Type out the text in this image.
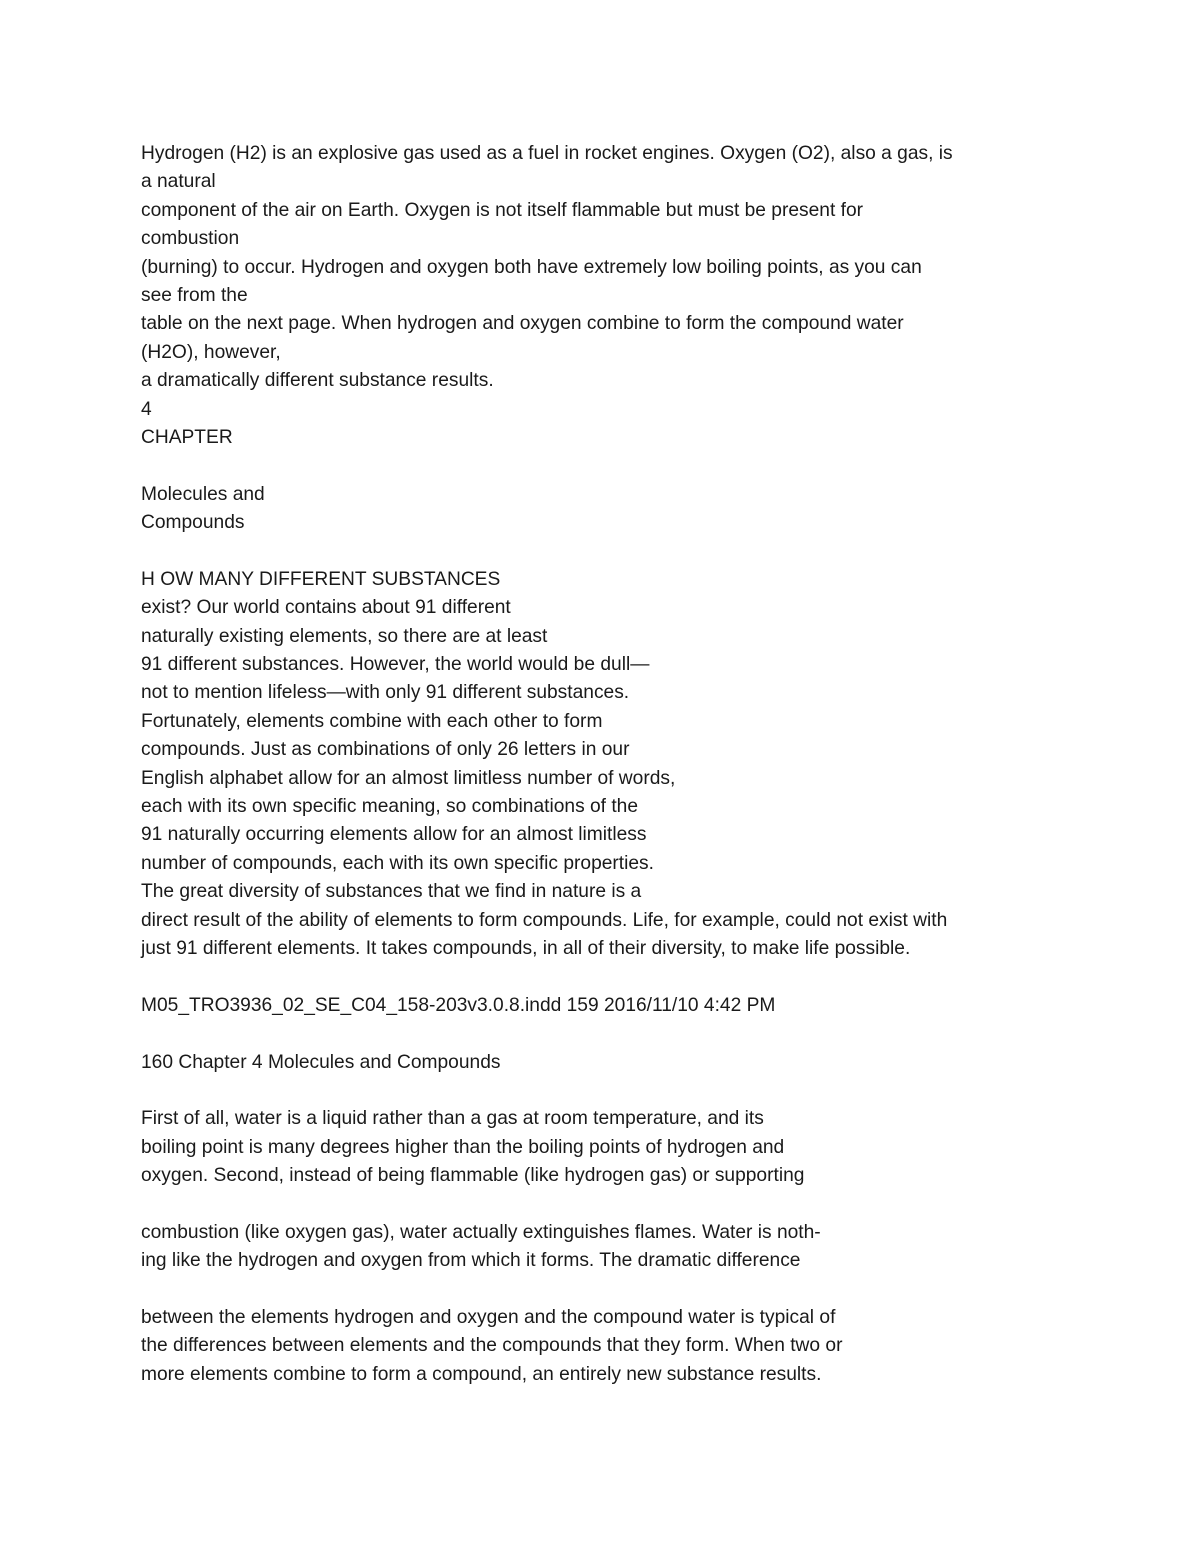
Hydrogen (H2) is an explosive gas used as a fuel in rocket engines. Oxygen (O2), also a gas, is
a natural
component of the air on Earth. Oxygen is not itself flammable but must be present for
combustion
(burning) to occur. Hydrogen and oxygen both have extremely low boiling points, as you can
see from the
table on the next page. When hydrogen and oxygen combine to form the compound water
(H2O), however,
a dramatically different substance results.
4
CHAPTER
Molecules and
Compounds
H OW MANY DIFFERENT SUBSTANCES
exist? Our world contains about 91 different
naturally existing elements, so there are at least
91 different substances. However, the world would be dull—
not to mention lifeless—with only 91 different substances.
Fortunately, elements combine with each other to form
compounds. Just as combinations of only 26 letters in our
English alphabet allow for an almost limitless number of words,
each with its own specific meaning, so combinations of the
91 naturally occurring elements allow for an almost limitless
number of compounds, each with its own specific properties.
The great diversity of substances that we find in nature is a
direct result of the ability of elements to form compounds. Life, for example, could not exist with
just 91 different elements. It takes compounds, in all of their diversity, to make life possible.
M05_TRO3936_02_SE_C04_158-203v3.0.8.indd 159 2016/11/10 4:42 PM
160 Chapter 4 Molecules and Compounds
First of all, water is a liquid rather than a gas at room temperature, and its
boiling point is many degrees higher than the boiling points of hydrogen and
oxygen. Second, instead of being flammable (like hydrogen gas) or supporting
combustion (like oxygen gas), water actually extinguishes flames. Water is noth-
ing like the hydrogen and oxygen from which it forms. The dramatic difference
between the elements hydrogen and oxygen and the compound water is typical of
the differences between elements and the compounds that they form. When two or
more elements combine to form a compound, an entirely new substance results.
